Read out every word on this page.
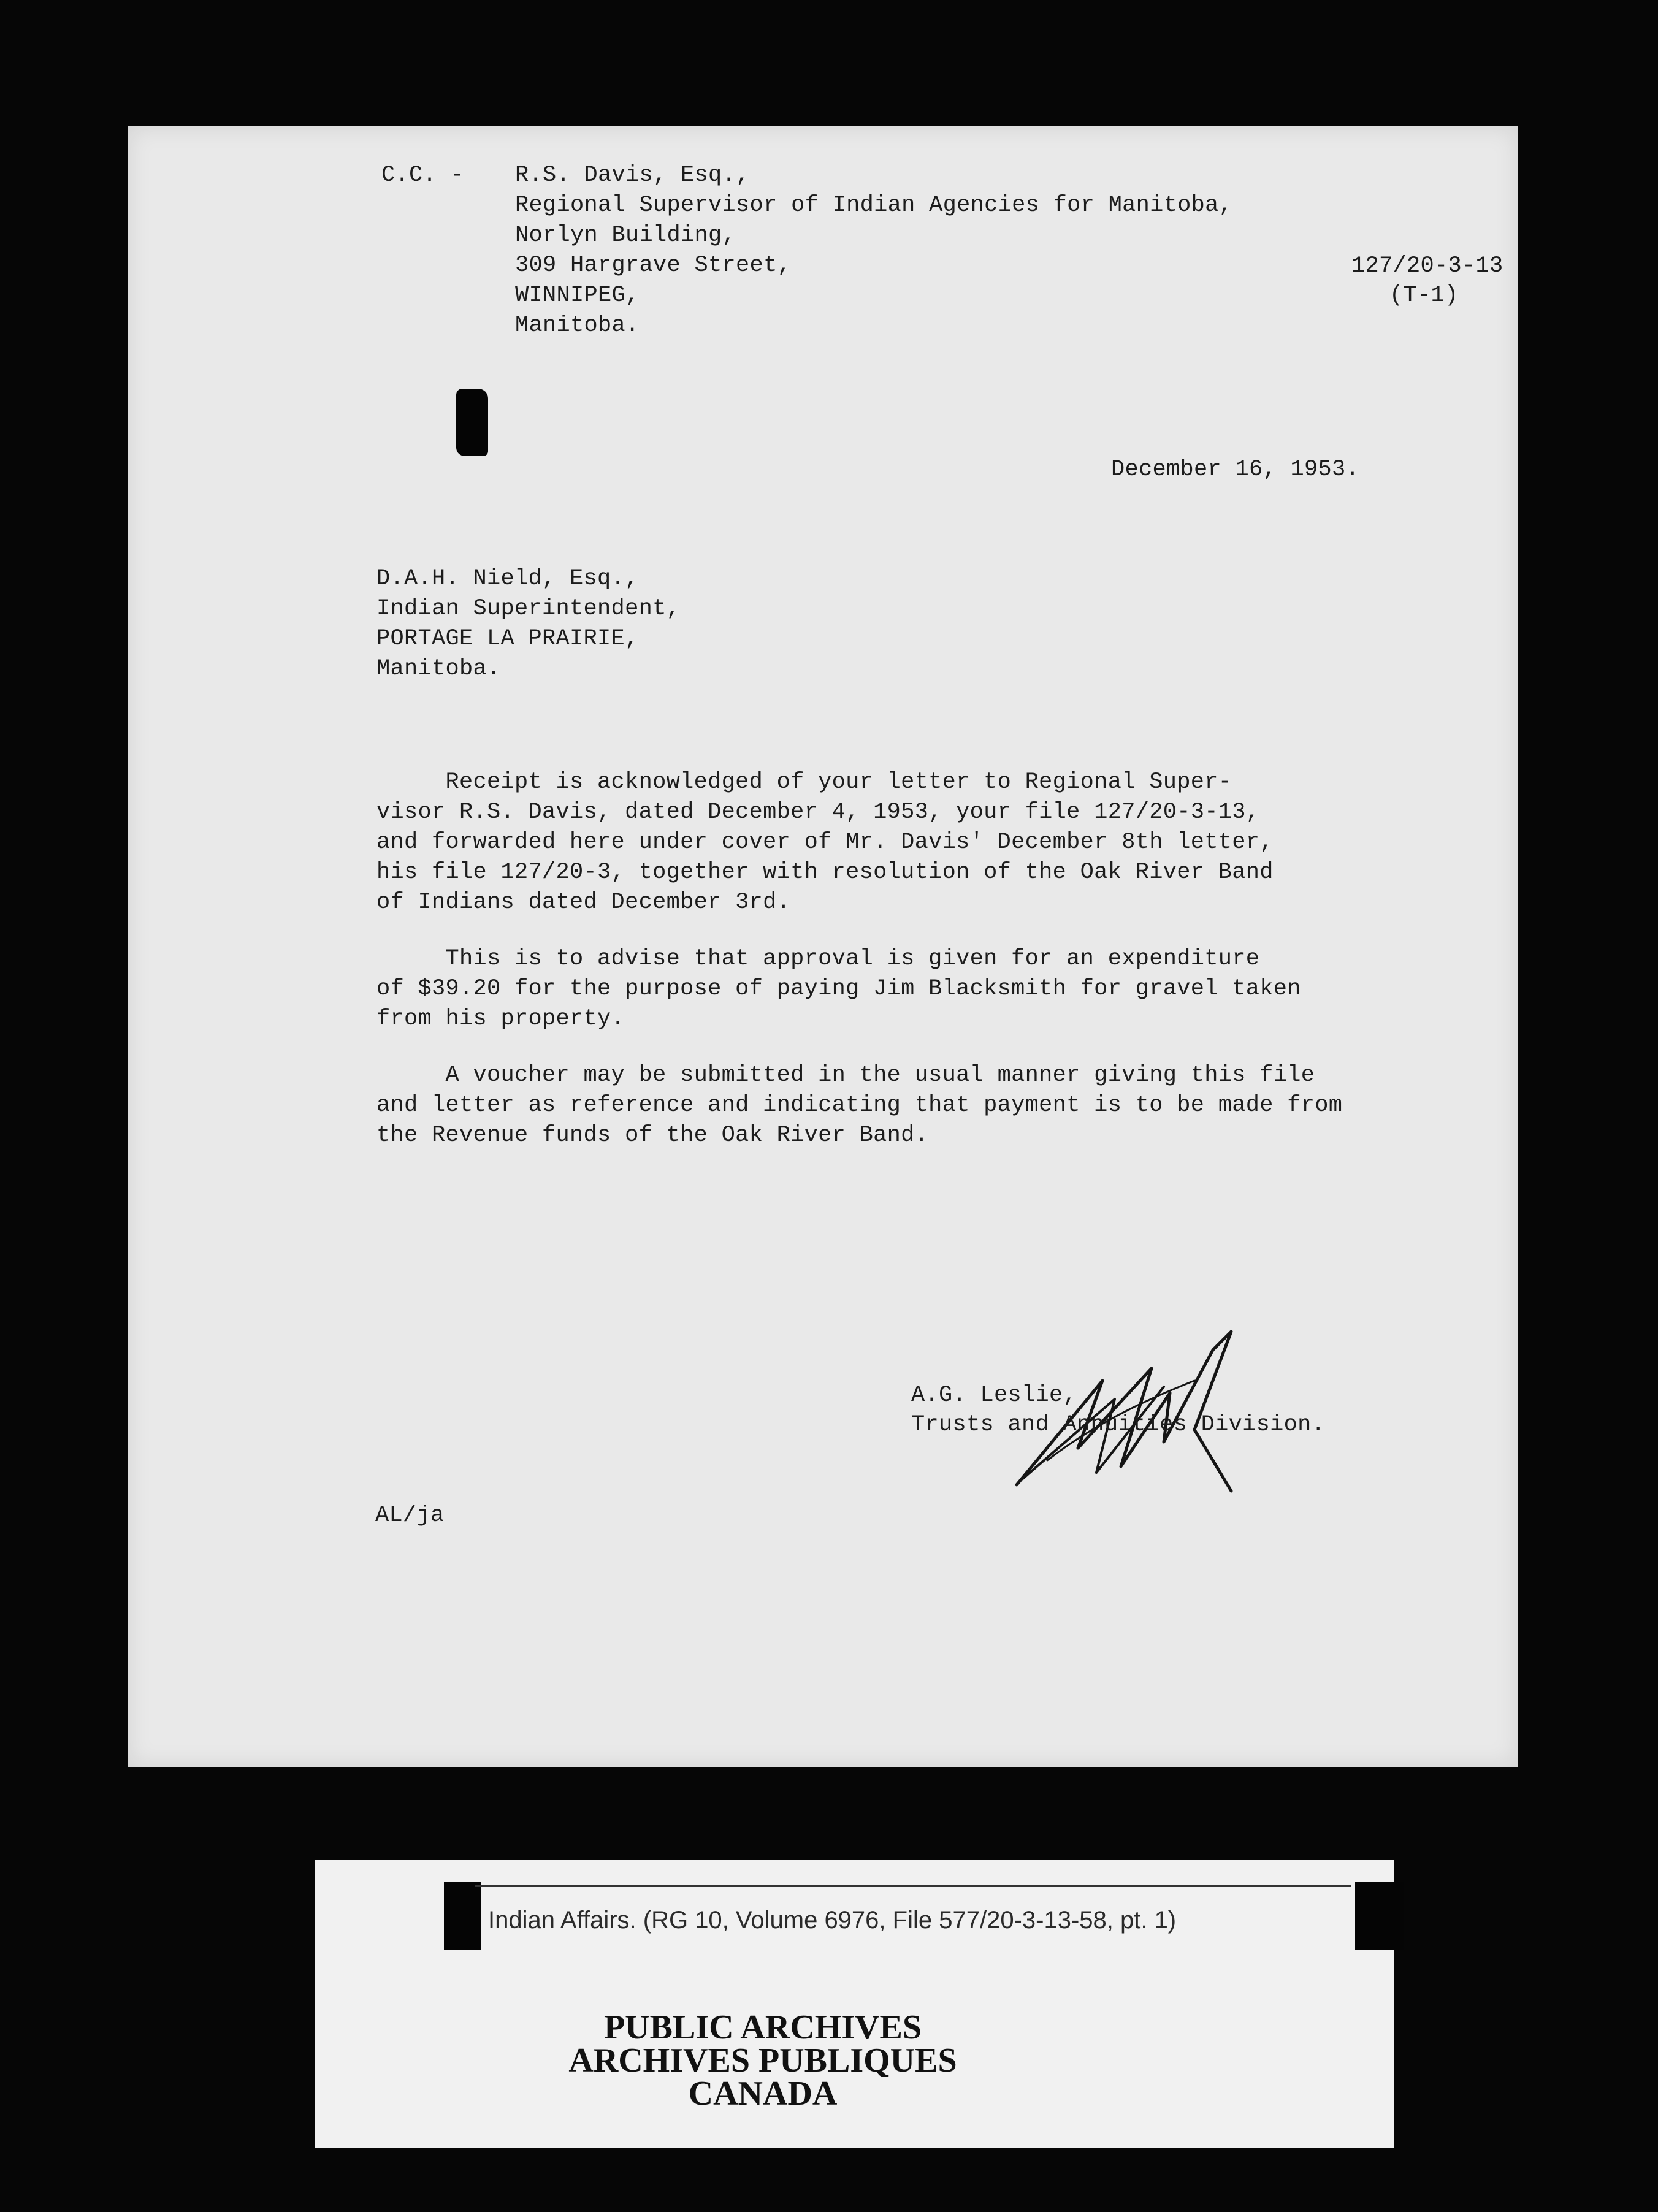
C.C. - R.S. Davis, Esq.,
Regional Supervisor of Indian Agencies for Manitoba,
Norlyn Building,
309 Hargrave Street,
WINNIPEG,
Manitoba.
127/20-3-13
(T-1)
December 16, 1953.
D.A.H. Nield, Esq.,
Indian Superintendent,
PORTAGE LA PRAIRIE,
Manitoba.
Receipt is acknowledged of your letter to Regional Super-
visor R.S. Davis, dated December 4, 1953, your file 127/20-3-13,
and forwarded here under cover of Mr. Davis' December 8th letter,
his file 127/20-3, together with resolution of the Oak River Band
of Indians dated December 3rd.
This is to advise that approval is given for an expenditure
of $39.20 for the purpose of paying Jim Blacksmith for gravel taken
from his property.
A voucher may be submitted in the usual manner giving this file
and letter as reference and indicating that payment is to be made from
the Revenue funds of the Oak River Band.
A.G. Leslie,
Trusts and Annuities Division.
AL/ja
Indian Affairs. (RG 10, Volume 6976, File 577/20-3-13-58, pt. 1)
PUBLIC ARCHIVES
ARCHIVES PUBLIQUES
CANADA
